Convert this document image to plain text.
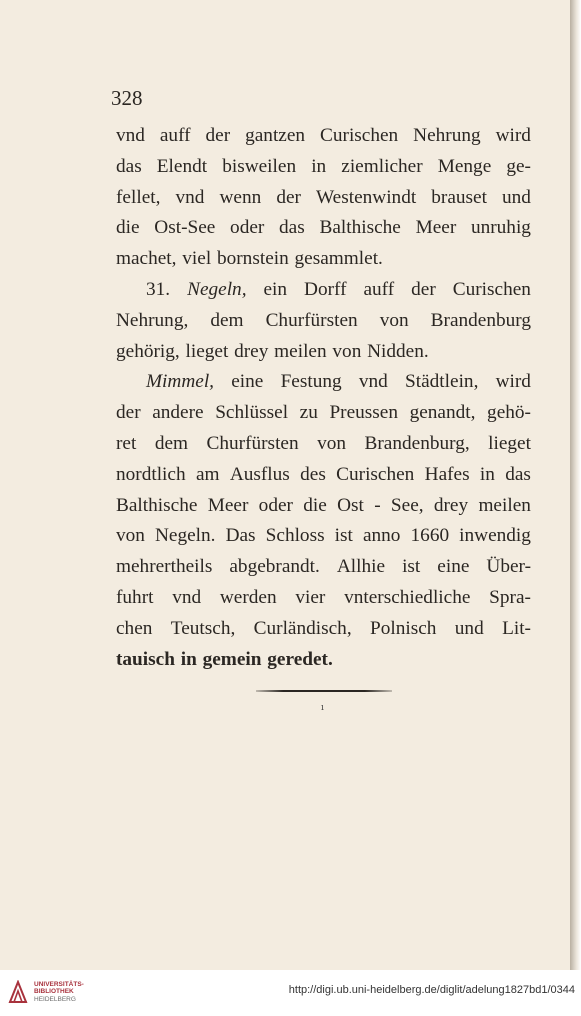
328
vnd auff der gantzen Curischen Nehrung wird
das Elendt bisweilen in ziemlicher Menge ge-
fellet, vnd wenn der Westenwindt brauset und
die Ost-See oder das Balthische Meer unruhig
machet, viel bornstein gesammlet.
31. Negeln, ein Dorff auff der Curischen
Nehrung, dem Churfürsten von Brandenburg
gehörig, lieget drey meilen von Nidden.
Mimmel, eine Festung vnd Städtlein, wird
der andere Schlüssel zu Preussen genandt, gehö-
ret dem Churfürsten von Brandenburg, lieget
nordtlich am Ausflus des Curischen Hafes in das
Balthische Meer oder die Ost - See, drey meilen
von Negeln. Das Schloss ist anno 1660 inwendig
mehrertheils abgebrandt. Allhie ist eine Über-
fuhrt vnd werden vier vnterschiedliche Spra-
chen Teutsch, Curländisch, Polnisch und Lit-
tauisch in gemein geredet.
ı
UNIVERSITÄTS-
BIBLIOTHEK
HEIDELBERG
http://digi.ub.uni-heidelberg.de/diglit/adelung1827bd1/0344
